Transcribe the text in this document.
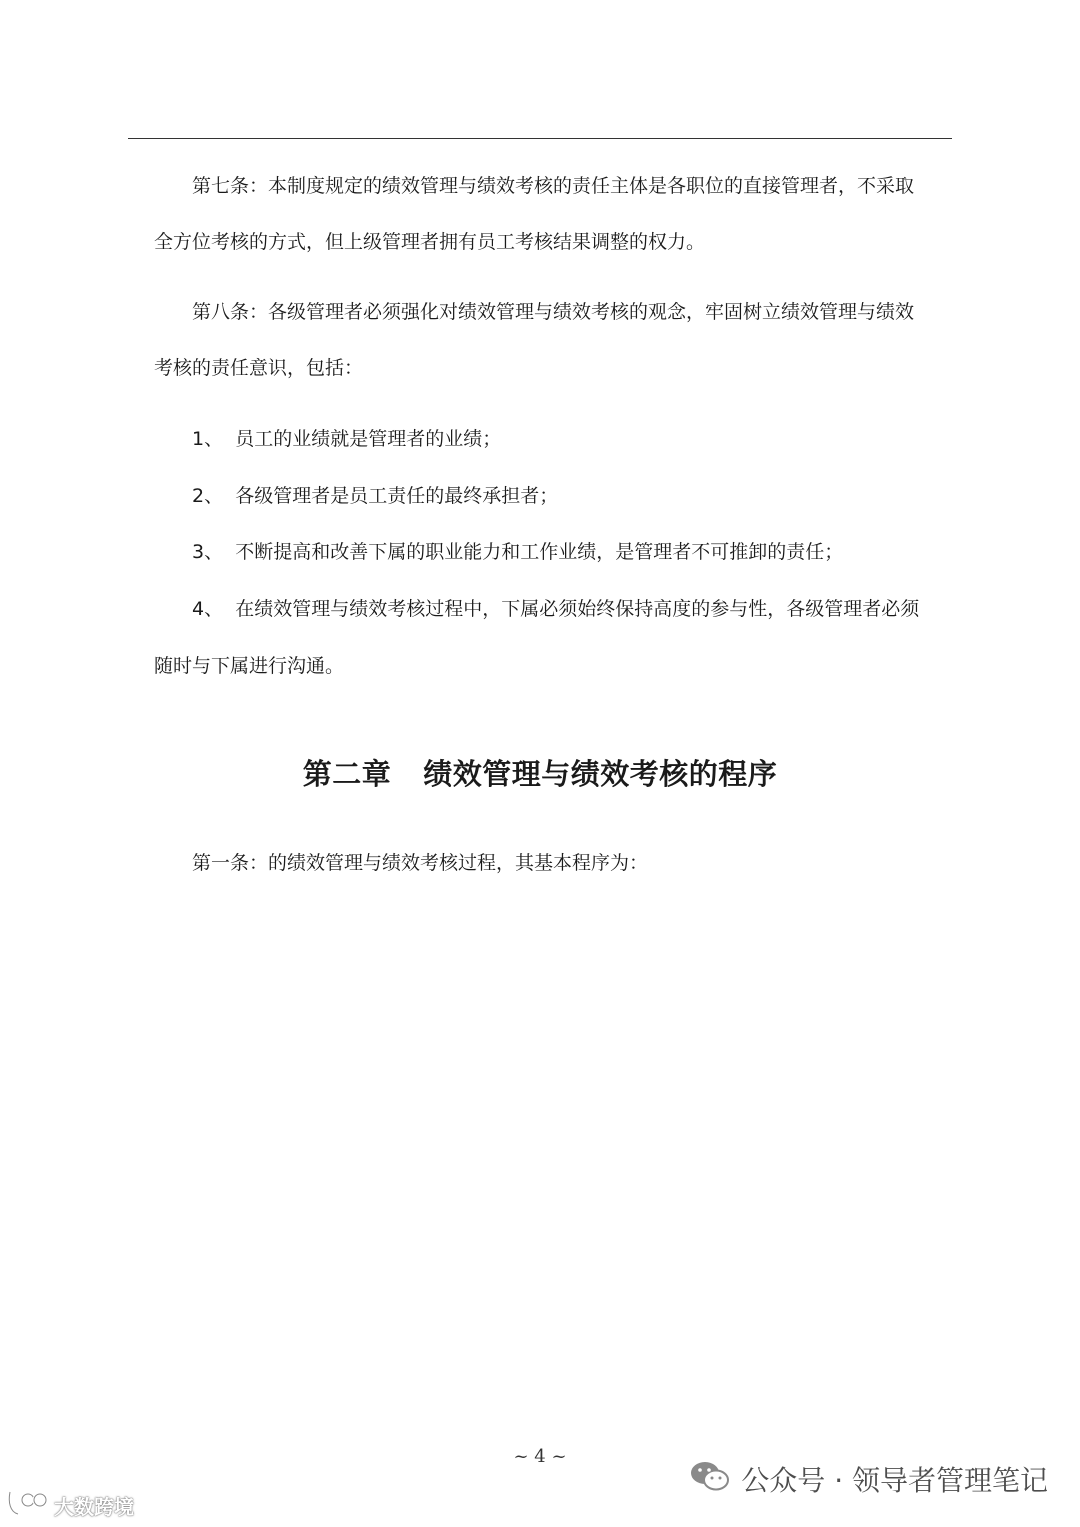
第七条：本制度规定的绩效管理与绩效考核的责任主体是各职位的直接管理者，不采取

全方位考核的方式，但上级管理者拥有员工考核结果调整的权力。

第八条：各级管理者必须强化对绩效管理与绩效考核的观念，牢固树立绩效管理与绩效

考核的责任意识，包括：

1、 员工的业绩就是管理者的业绩；

2、 各级管理者是员工责任的最终承担者；

3、 不断提高和改善下属的职业能力和工作业绩，是管理者不可推卸的责任；

4、 在绩效管理与绩效考核过程中，下属必须始终保持高度的参与性，各级管理者必须

随时与下属进行沟通。

第二章 绩效管理与绩效考核的程序

第一条：的绩效管理与绩效考核过程，其基本程序为：

~ 4 ~
大数跨境
公众号 · 领导者管理笔记
